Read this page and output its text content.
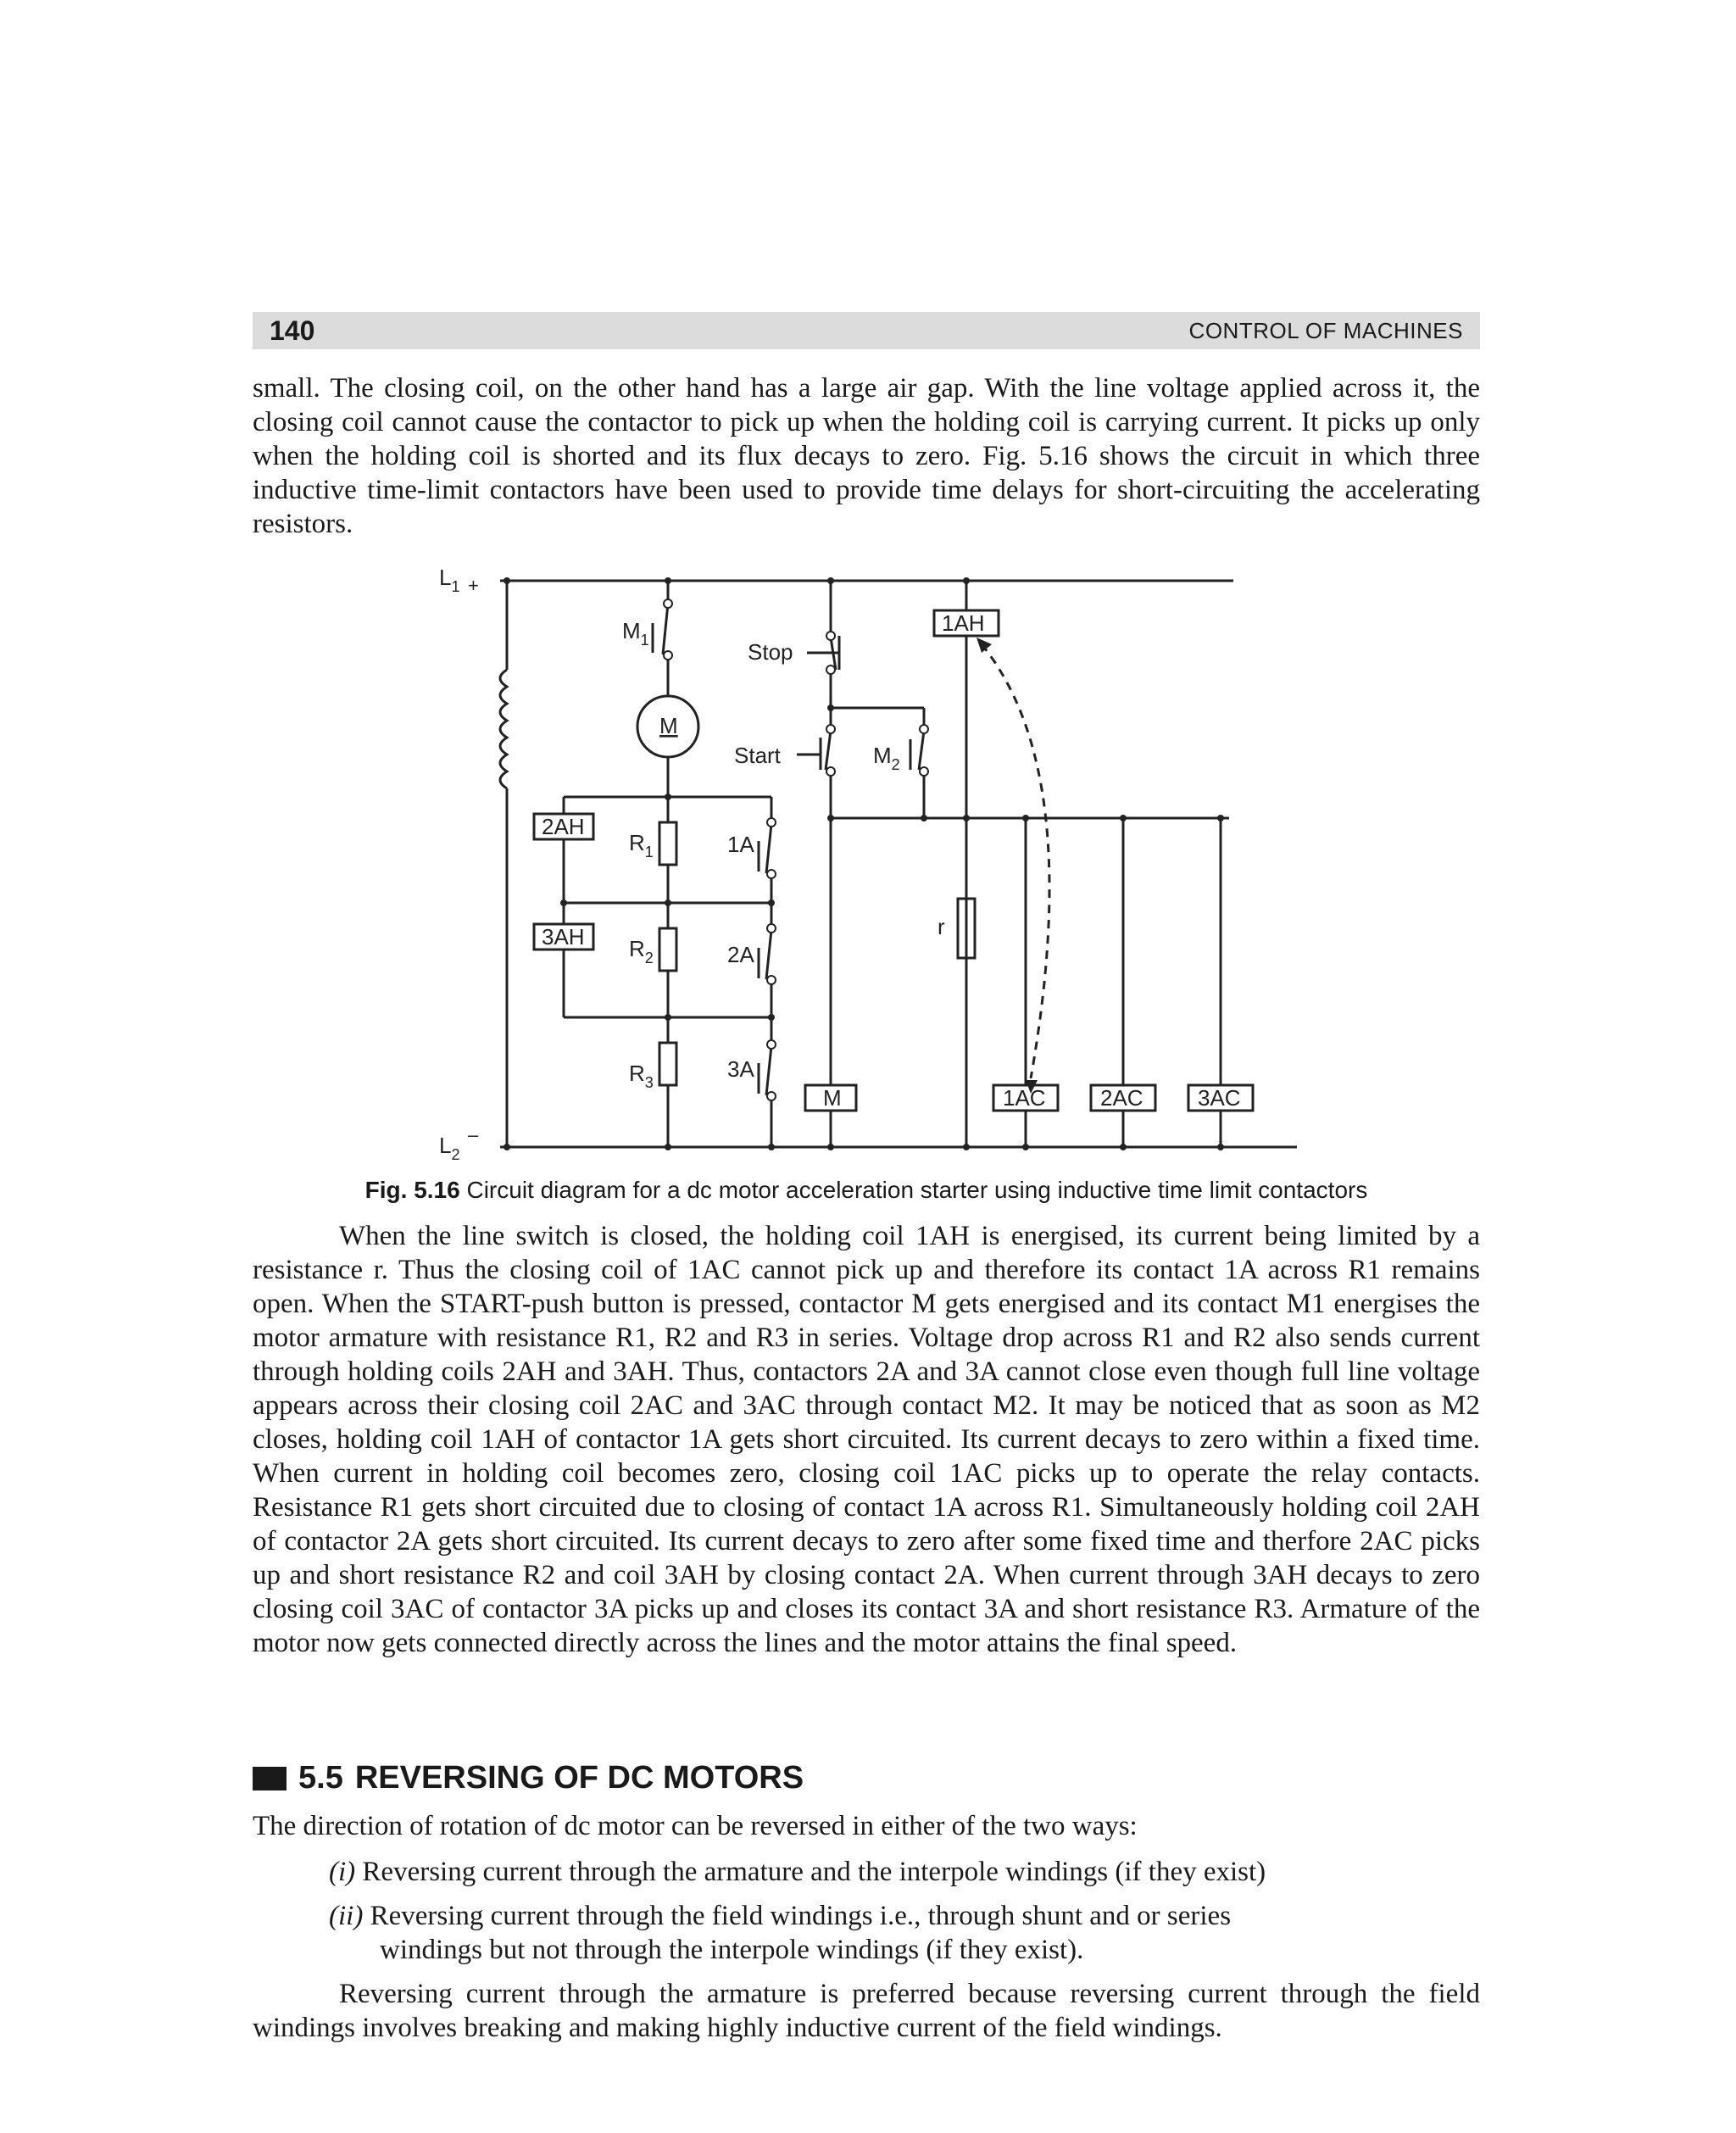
140	CONTROL OF MACHINES

small. The closing coil, on the other hand has a large air gap. With the line voltage applied across it, the closing coil cannot cause the contactor to pick up when the holding coil is carrying current. It picks up only when the holding coil is shorted and its flux decays to zero. Fig. 5.16 shows the circuit in which three inductive time-limit contactors have been used to provide time delays for short-circuiting the accelerating resistors.

$L_1$ +
$L_2$
–
$M_1$
M
Stop
Start	$M_2$
1AH
2AH
3AH
$R_1$
$R_2$
$R_3$
1A
2A
3A
M
r
1AC 2AC 3AC
Fig. 5.16 Circuit diagram for a dc motor acceleration starter using inductive time limit contactors

When the line switch is closed, the holding coil 1AH is energised, its current being limited by a resistance r. Thus the closing coil of 1AC cannot pick up and therefore its contact 1A across R1 remains open. When the START-push button is pressed, contactor M gets energised and its contact M1 energises the motor armature with resistance R1, R2 and R3 in series. Voltage drop across R1 and R2 also sends current through holding coils 2AH and 3AH. Thus, contactors 2A and 3A cannot close even though full line voltage appears across their closing coil 2AC and 3AC through contact M2. It may be noticed that as soon as M2 closes, holding coil 1AH of contactor 1A gets short circuited. Its current decays to zero within a fixed time. When current in holding coil becomes zero, closing coil 1AC picks up to operate the relay contacts. Resistance R1 gets short circuited due to closing of contact 1A across R1. Simultaneously holding coil 2AH of contactor 2A gets short circuited. Its current decays to zero after some fixed time and therfore 2AC picks up and short resistance R2 and coil 3AH by closing contact 2A. When current through 3AH decays to zero closing coil 3AC of contactor 3A picks up and closes its contact 3A and short resistance R3. Armature of the motor now gets connected directly across the lines and the motor attains the final speed.

5.5 REVERSING OF DC MOTORS

The direction of rotation of dc motor can be reversed in either of the two ways:

(i) Reversing current through the armature and the interpole windings (if they exist)
(ii) Reversing current through the field windings i.e., through shunt and or series
windings but not through the interpole windings (if they exist).

Reversing current through the armature is preferred because reversing current through the field windings involves breaking and making highly inductive current of the field windings.
